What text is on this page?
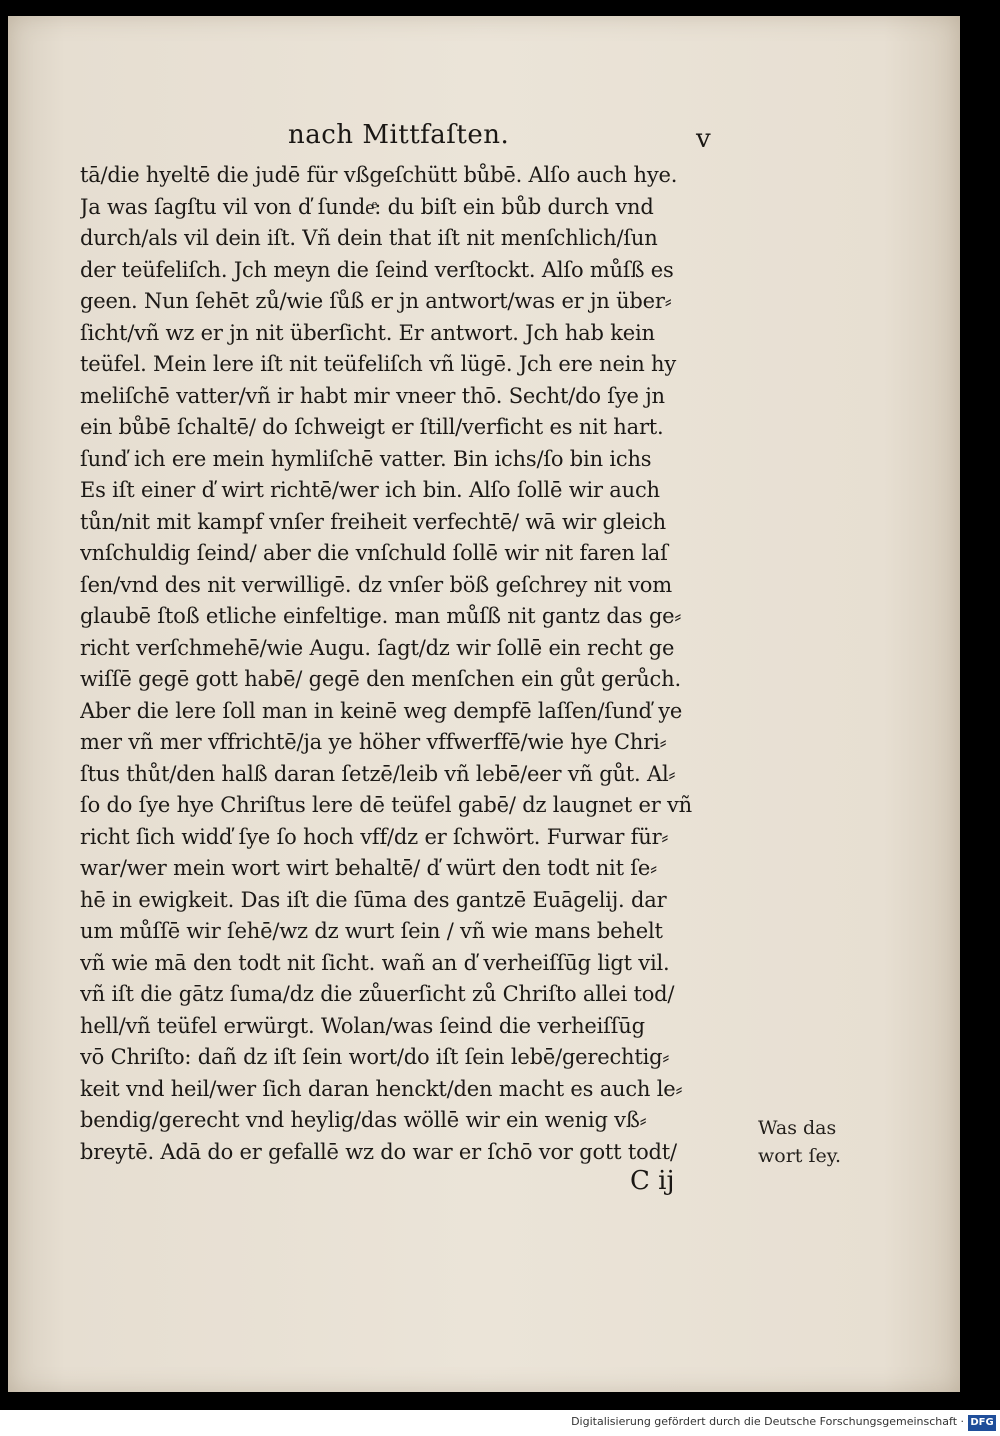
nach Mittfaſten.	v
tā/die hyeltē die judē für vßgeſchütt bůbē. Alſo auch hye.
Ja was ſagſtu vil von ď ſundeͤ: du biſt ein bůb durch vnd
durch/als vil dein iſt. Vñ dein that iſt nit menſchlich/ſun
der teüfeliſch. Jch meyn die ſeind verſtockt. Alſo můſß es
geen. Nun ſehēt zů/wie ſůß er jn antwort/was er jn über⸗
ſicht/vñ wz er jn nit überſicht. Er antwort. Jch hab kein
teüfel. Mein lere iſt nit teüfeliſch vñ lügē. Jch ere nein hy
meliſchē vatter/vñ ir habt mir vneer thō. Secht/do ſye jn
ein bůbē ſchaltē/ do ſchweigt er ſtill/verficht es nit hart.
ſunď ich ere mein hymliſchē vatter. Bin ichs/ſo bin ichs
Es iſt einer ď wirt richtē/wer ich bin. Alſo ſollē wir auch
tůn/nit mit kampf vnſer freiheit verfechtē/ wā wir gleich
vnſchuldig ſeind/ aber die vnſchuld ſollē wir nit faren laſ
ſen/vnd des nit verwilligē. dz vnſer böß geſchrey nit vom
glaubē ſtoß etliche einfeltige. man můſß nit gantz das ge⸗
richt verſchmehē/wie Augu. ſagt/dz wir ſollē ein recht ge
wiſſē gegē gott habē/ gegē den menſchen ein gůt gerůch.
Aber die lere ſoll man in keinē weg dempfē laſſen/ſunď ye
mer vñ mer vffrichtē/ja ye höher vffwerffē/wie hye Chri⸗
ſtus thůt/den halß daran ſetzē/leib vñ lebē/eer vñ gůt. Al⸗
ſo do ſye hye Chriſtus lere dē teüfel gabē/ dz laugnet er vñ
richt ſich widď ſye ſo hoch vff/dz er ſchwört. Furwar für⸗
war/wer mein wort wirt behaltē/ ď würt den todt nit ſe⸗
hē in ewigkeit. Das iſt die ſūma des gantzē Euāgelij. dar
um můſſē wir ſehē/wz dz wurt ſein / vñ wie mans behelt
vñ wie mā den todt nit ſicht. wañ an ď verheiſſūg ligt vil.
vñ iſt die gātz ſuma/dz die zůuerſicht zů Chriſto allei tod/
hell/vñ teüfel erwürgt. Wolan/was ſeind die verheiſſūg
vō Chriſto: dañ dz iſt ſein wort/do iſt ſein lebē/gerechtig⸗
keit vnd heil/wer ſich daran henckt/den macht es auch le⸗
bendig/gerecht vnd heylig/das wöllē wir ein wenig vß⸗
breytē. Adā do er gefallē wz do war er ſchō vor gott todt/
Was das
wort ſey.
C ij
Digitalisierung gefördert durch die Deutsche Forschungsgemeinschaft · DFG
